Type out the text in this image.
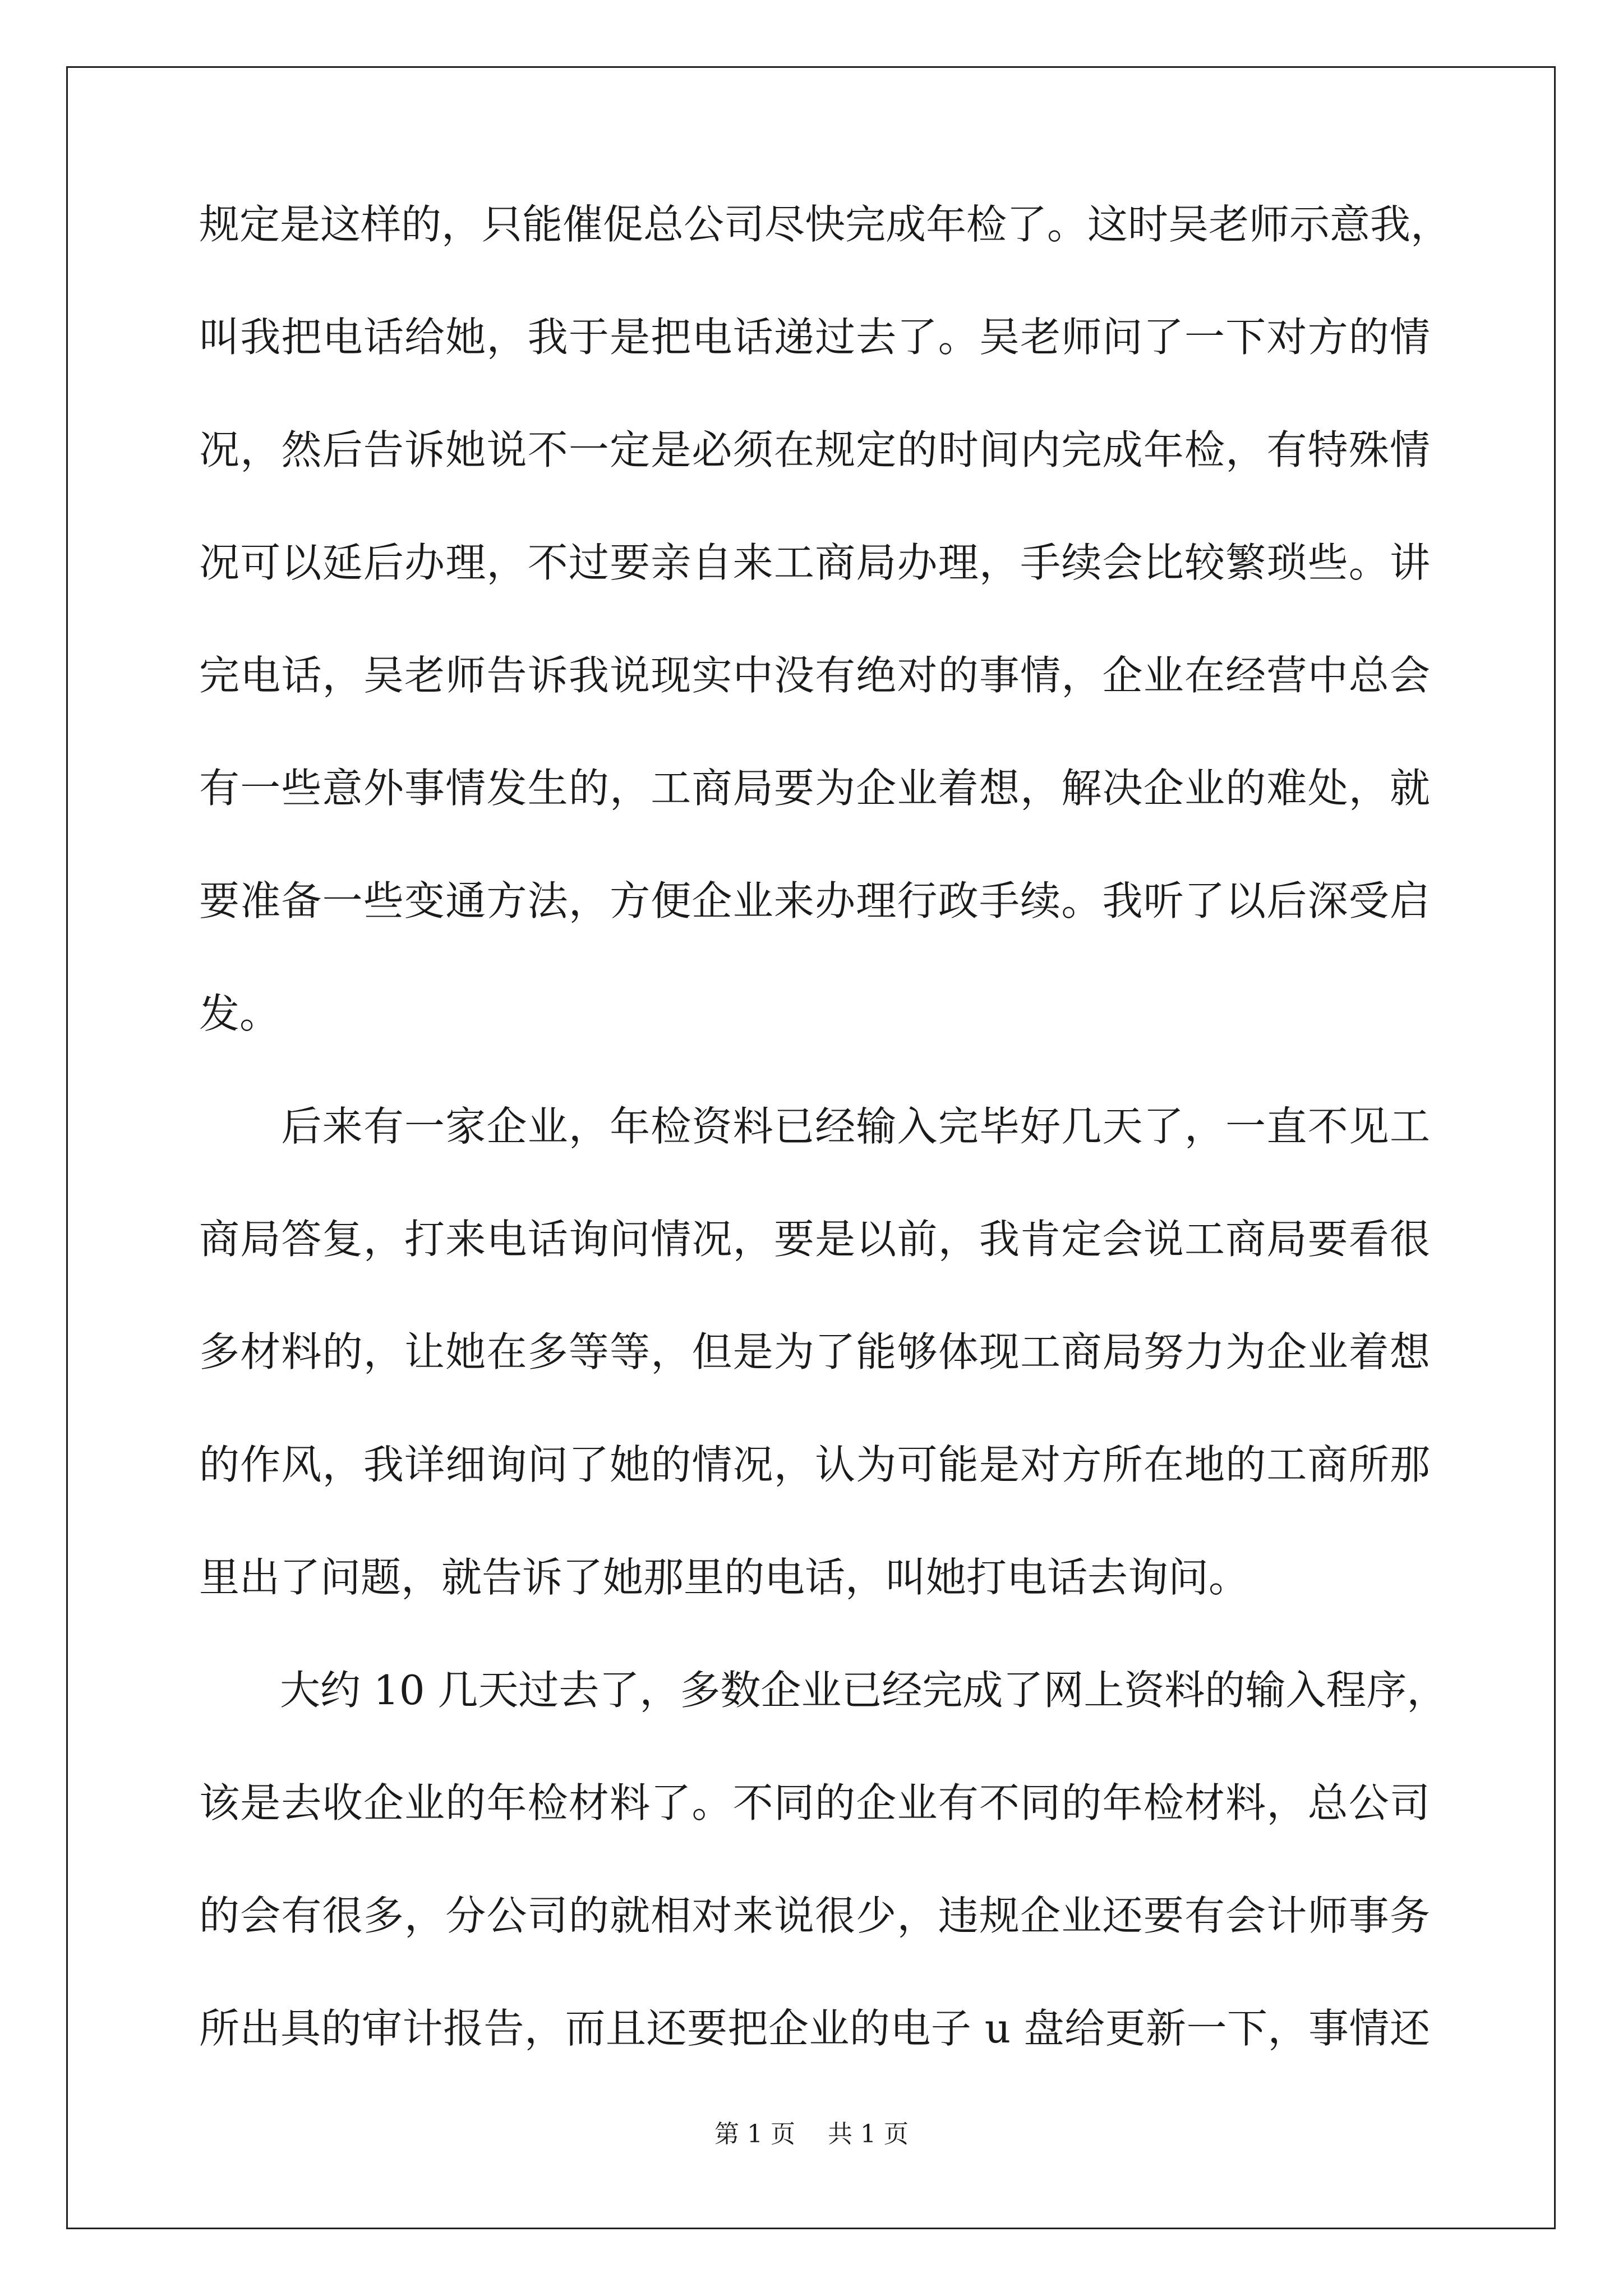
规定是这样的，只能催促总公司尽快完成年检了。这时吴老师示意我，
叫我把电话给她，我于是把电话递过去了。吴老师问了一下对方的情
况，然后告诉她说不一定是必须在规定的时间内完成年检，有特殊情
况可以延后办理，不过要亲自来工商局办理，手续会比较繁琐些。讲
完电话，吴老师告诉我说现实中没有绝对的事情，企业在经营中总会
有一些意外事情发生的，工商局要为企业着想，解决企业的难处，就
要准备一些变通方法，方便企业来办理行政手续。我听了以后深受启
发。
　　后来有一家企业，年检资料已经输入完毕好几天了，一直不见工
商局答复，打来电话询问情况，要是以前，我肯定会说工商局要看很
多材料的，让她在多等等，但是为了能够体现工商局努力为企业着想
的作风，我详细询问了她的情况，认为可能是对方所在地的工商所那
里出了问题，就告诉了她那里的电话，叫她打电话去询问。
　　大约 10 几天过去了，多数企业已经完成了网上资料的输入程序，
该是去收企业的年检材料了。不同的企业有不同的年检材料，总公司
的会有很多，分公司的就相对来说很少，违规企业还要有会计师事务
所出具的审计报告，而且还要把企业的电子 u 盘给更新一下，事情还
第 1 页　 共 1 页
